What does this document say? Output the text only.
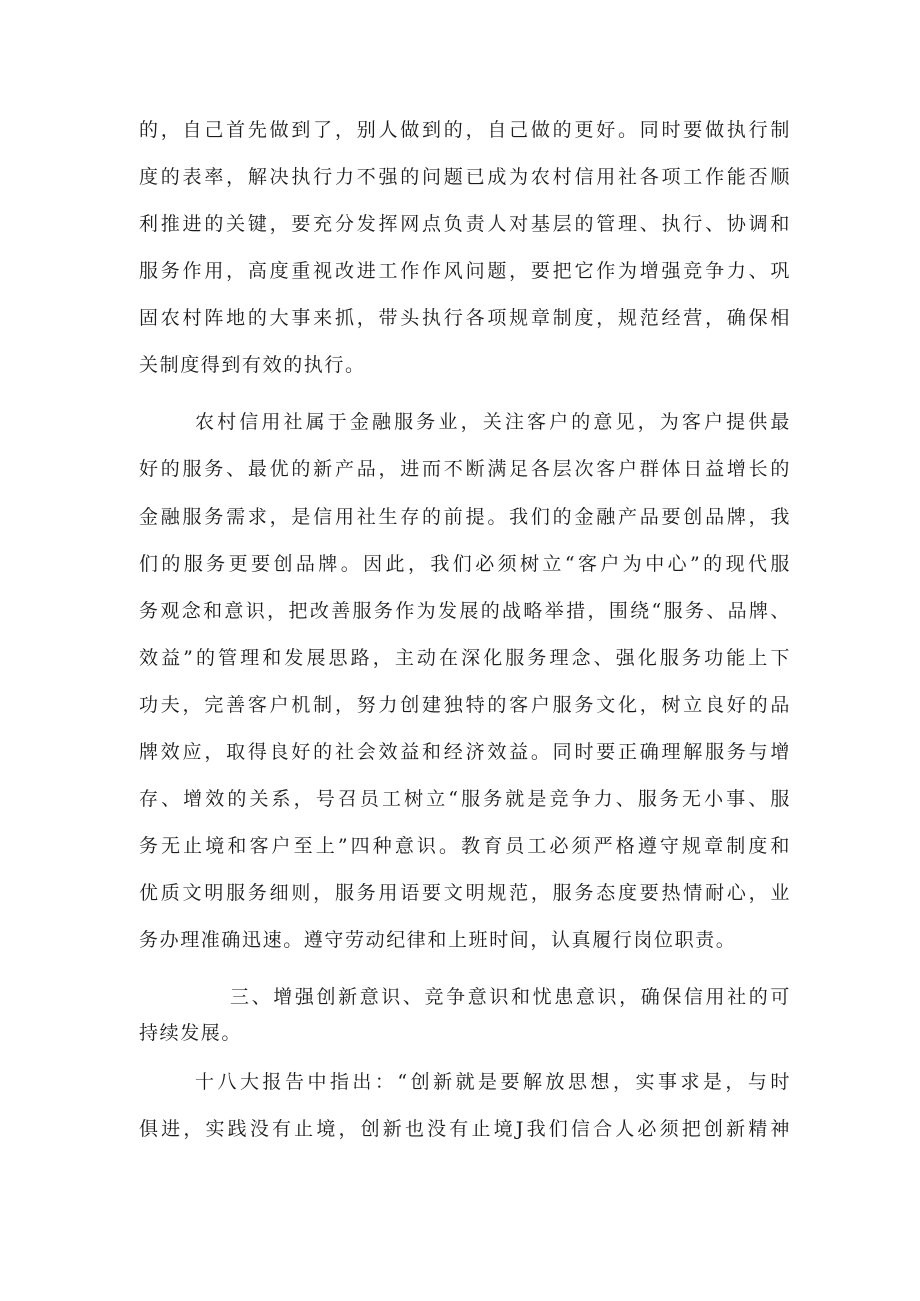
的，自己首先做到了，别人做到的，自己做的更好。同时要做执行制
度的表率，解决执行力不强的问题已成为农村信用社各项工作能否顺
利推进的关键，要充分发挥网点负责人对基层的管理、执行、协调和
服务作用，高度重视改进工作作风问题，要把它作为增强竞争力、巩
固农村阵地的大事来抓，带头执行各项规章制度，规范经营，确保相
关制度得到有效的执行。
农村信用社属于金融服务业，关注客户的意见，为客户提供最
好的服务、最优的新产品，进而不断满足各层次客户群体日益增长的
金融服务需求，是信用社生存的前提。我们的金融产品要创品牌，我
们的服务更要创品牌。因此，我们必须树立“客户为中心”的现代服
务观念和意识，把改善服务作为发展的战略举措，围绕“服务、品牌、
效益”的管理和发展思路，主动在深化服务理念、强化服务功能上下
功夫，完善客户机制，努力创建独特的客户服务文化，树立良好的品
牌效应，取得良好的社会效益和经济效益。同时要正确理解服务与增
存、增效的关系，号召员工树立“服务就是竞争力、服务无小事、服
务无止境和客户至上”四种意识。教育员工必须严格遵守规章制度和
优质文明服务细则，服务用语要文明规范，服务态度要热情耐心，业
务办理准确迅速。遵守劳动纪律和上班时间，认真履行岗位职责。
三、增强创新意识、竞争意识和忧患意识，确保信用社的可
持续发展。
十八大报告中指出：“创新就是要解放思想，实事求是，与时
俱进，实践没有止境，创新也没有止境J我们信合人必须把创新精神
